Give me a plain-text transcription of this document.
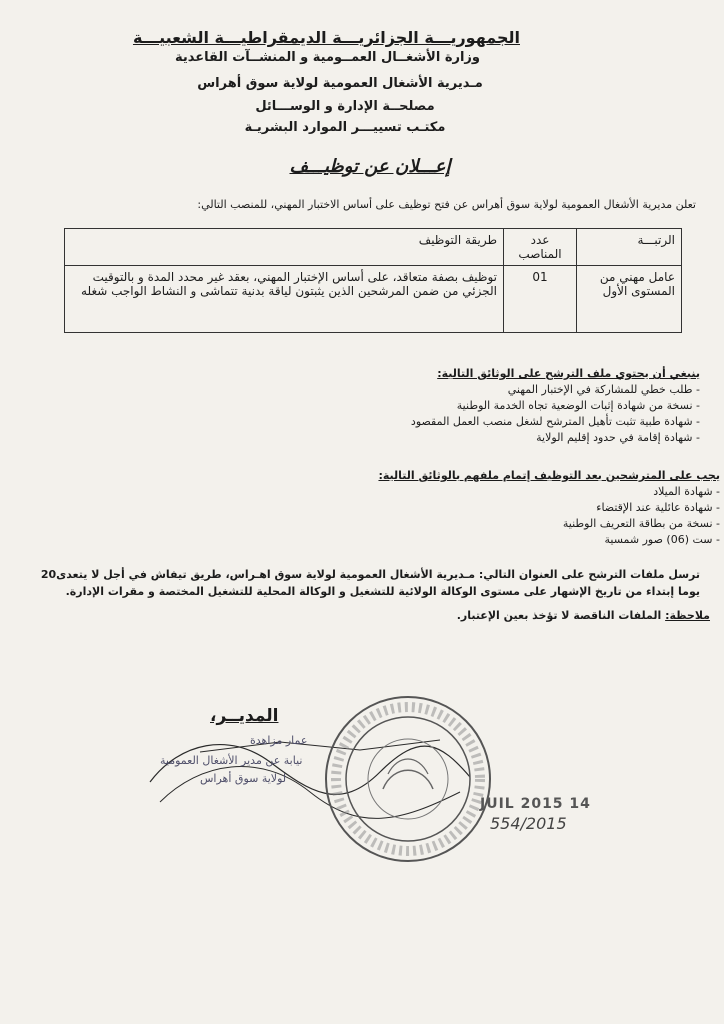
الجمهوريـــة الجزائريـــة الديمقراطيـــة الشعبيـــة
وزارة الأشغــال العمــومية و المنشــآت القاعدية
مـديرية الأشغال العمومية لولاية سوق أهراس
مصلحــة الإدارة و الوســـائل
مكتـب تسييـــر الموارد البشريـة
إعـــلان عن توظيـــف
تعلن مديرية الأشغال العمومية لولاية سوق أهراس عن فتح توظيف على أساس الاختبار المهني، للمنصب التالي:
الرتبـــة	عدد المناصب	طريقة التوظيف
عامل مهني من المستوى الأول	01	توظيف بصفة متعاقد، على أساس الإختبار المهني، بعقد غير محدد المدة و بالتوقيت الجزئي من ضمن المرشحين الذين يثبتون لياقة بدنية تتماشى و النشاط الواجب شغله
ينبغي أن يحتوي ملف الترشح على الوثائق التالية:
- طلب خطي للمشاركة في الإختبار المهني
- نسخة من شهادة إثبات الوضعية تجاه الخدمة الوطنية
- شهادة طبية تثبت تأهيل المترشح لشغل منصب العمل المقصود
- شهادة إقامة في حدود إقليم الولاية
يجب على المترشحين بعد التوظيف إتمام ملفهم بالوثائق التالية:
- شهادة الميلاد
- شهادة عائلية عند الإقتضاء
- نسخة من بطاقة التعريف الوطنية
- ست (06) صور شمسية
ترسل ملفات الترشح على العنوان التالي: مـديرية الأشغال العمومية لولاية سوق اهـراس، طريق تيفاش في أجل لا يتعدى20 يوما إبتداء من تاريخ الإشهار على مستوى الوكالة الولائية للتشغيل و الوكالة المحلية للتشغيل المختصة و مقرات الإدارة.
ملاحظة: الملفات الناقصة لا تؤخذ بعين الإعتبار.
المديــر،
عمار مزاهدة
نيابة عن مدير الأشغال العمومية
لولاية سوق أهراس
14 JUIL 2015
554/2015
